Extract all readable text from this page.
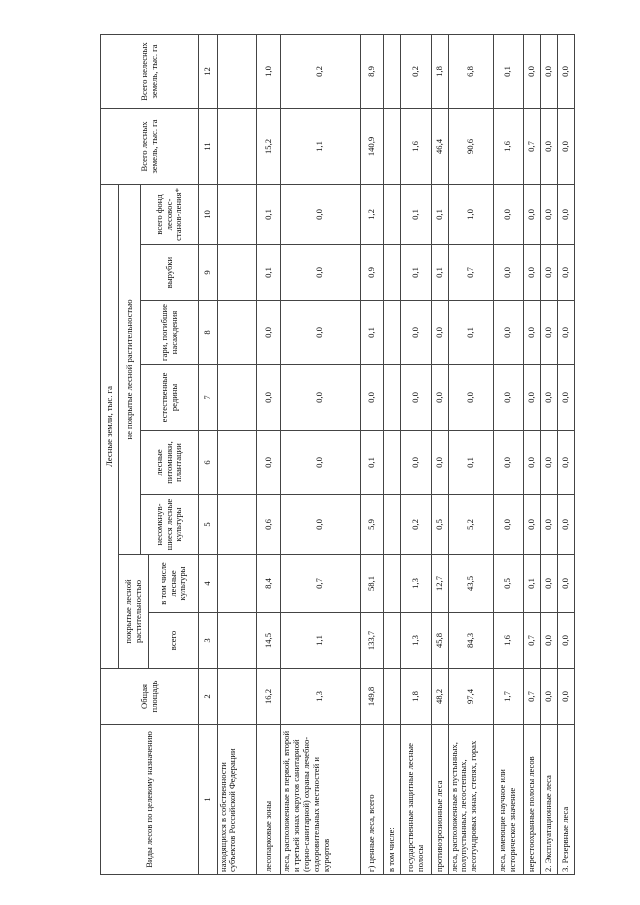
Виды лесов по целевому назначению	Общая площадь	Лесные земли, тыс. га								Всего лесных земель, тыс. га	Всего нелесных земель, тыс. га
		покрытые лесной растительностью		не покрытые лесной растительностью							
				несомкнув-шиеся лесные культуры	лесные питомники, плантации	естественные редины	гари, погибшие насаждения	вырубки	всего фонд лесовос-станов-ления*		
		всего	в том числе лесные культуры								
1	2	3	4	5	6	7	8	9	10	11	12
находящихся в собственности субъектов Российской Федерации											
лесопарковые зоны	16,2	14,5	8,4	0,6	0,0	0,0	0,0	0,1	0,1	15,2	1,0
леса, расположенные в первой, второй и третьей зонах округов санитарной (горно-санитарной) охраны лечебно-оздоровительных местностей и курортов	1,3	1,1	0,7	0,0	0,0	0,0	0,0	0,0	0,0	1,1	0,2
г) ценные леса, всего	149,8	133,7	58,1	5,9	0,1	0,0	0,1	0,9	1,2	140,9	8,9
в том числе:											
государственные защитные лесные полосы	1,8	1,3	1,3	0,2	0,0	0,0	0,0	0,1	0,1	1,6	0,2
противоэрозионные леса	48,2	45,8	12,7	0,5	0,0	0,0	0,0	0,1	0,1	46,4	1,8
леса, расположенные в пустынных, полупустынных, лесостепных, лесотундровых зонах, степях, горах	97,4	84,3	43,5	5,2	0,1	0,0	0,1	0,7	1,0	90,6	6,8
леса, имеющие научное или историческое значение	1,7	1,6	0,5	0,0	0,0	0,0	0,0	0,0	0,0	1,6	0,1
нерестоохранные полосы лесов	0,7	0,7	0,1	0,0	0,0	0,0	0,0	0,0	0,0	0,7	0,0
2. Эксплуатационные леса	0,0	0,0	0,0	0,0	0,0	0,0	0,0	0,0	0,0	0,0	0,0
3. Резервные леса	0,0	0,0	0,0	0,0	0,0	0,0	0,0	0,0	0,0	0,0	0,0
